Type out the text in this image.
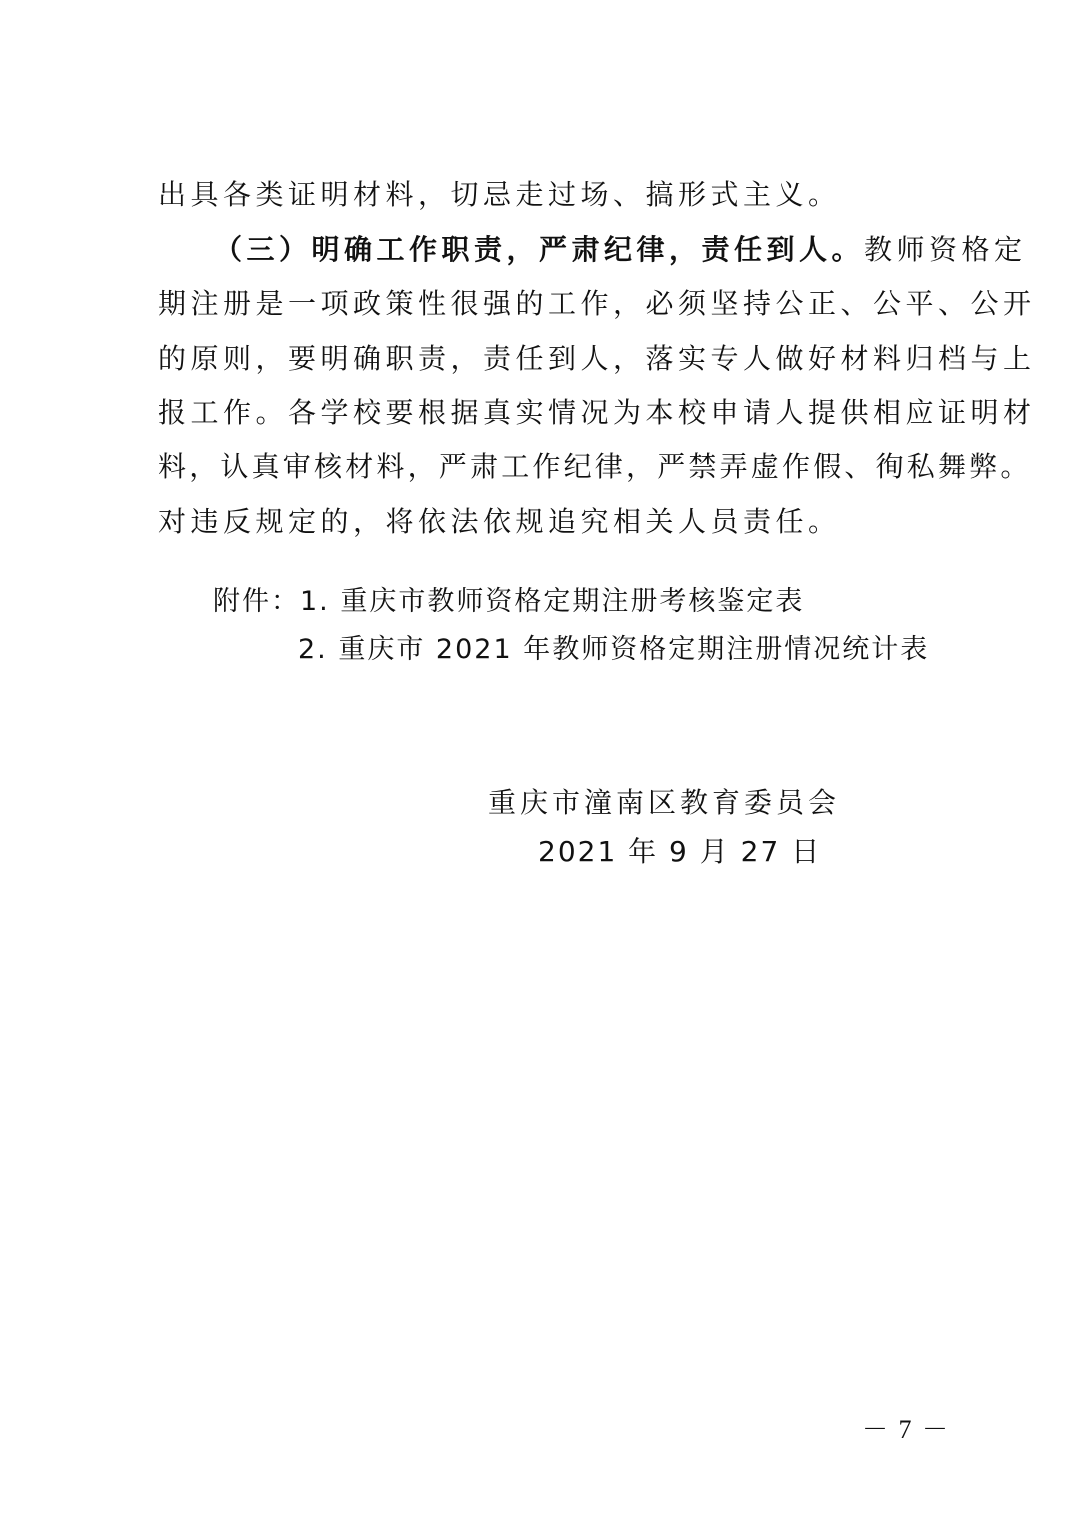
出具各类证明材料，切忌走过场、搞形式主义。
（三）明确工作职责，严肃纪律，责任到人。教师资格定
期注册是一项政策性很强的工作，必须坚持公正、公平、公开
的原则，要明确职责，责任到人，落实专人做好材料归档与上
报工作。各学校要根据真实情况为本校申请人提供相应证明材
料，认真审核材料，严肃工作纪律，严禁弄虚作假、徇私舞弊。
对违反规定的，将依法依规追究相关人员责任。
附件：1. 重庆市教师资格定期注册考核鉴定表
2. 重庆市 2021 年教师资格定期注册情况统计表
重庆市潼南区教育委员会
2021 年 9 月 27 日
－ 7 －
